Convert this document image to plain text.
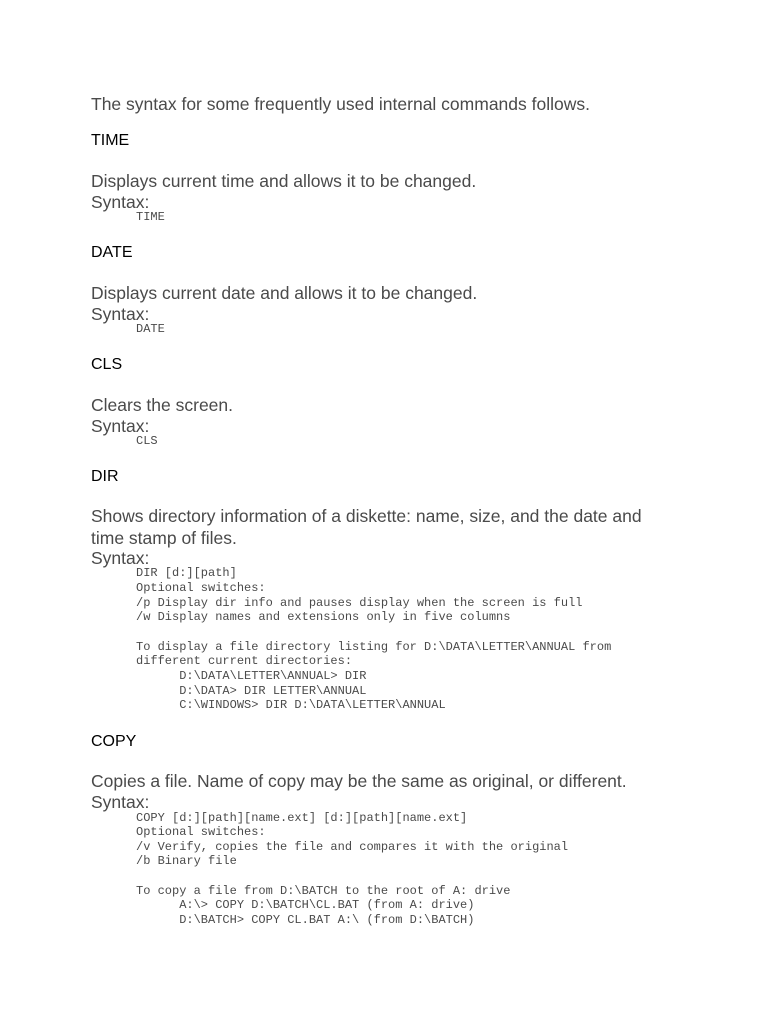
The syntax for some frequently used internal commands follows.
TIME
Displays current time and allows it to be changed.
Syntax:
TIME
DATE
Displays current date and allows it to be changed.
Syntax:
DATE
CLS
Clears the screen.
Syntax:
CLS
DIR
Shows directory information of a diskette: name, size, and the date and time stamp of files.
Syntax:
DIR [d:][path]
Optional switches:
/p Display dir info and pauses display when the screen is full
/w Display names and extensions only in five columns
To display a file directory listing for D:\DATA\LETTER\ANNUAL from
different current directories:
D:\DATA\LETTER\ANNUAL> DIR
D:\DATA> DIR LETTER\ANNUAL
C:\WINDOWS> DIR D:\DATA\LETTER\ANNUAL
COPY
Copies a file. Name of copy may be the same as original, or different.
Syntax:
COPY [d:][path][name.ext] [d:][path][name.ext]
Optional switches:
/v Verify, copies the file and compares it with the original
/b Binary file
To copy a file from D:\BATCH to the root of A: drive
A:\> COPY D:\BATCH\CL.BAT (from A: drive)
D:\BATCH> COPY CL.BAT A:\ (from D:\BATCH)
